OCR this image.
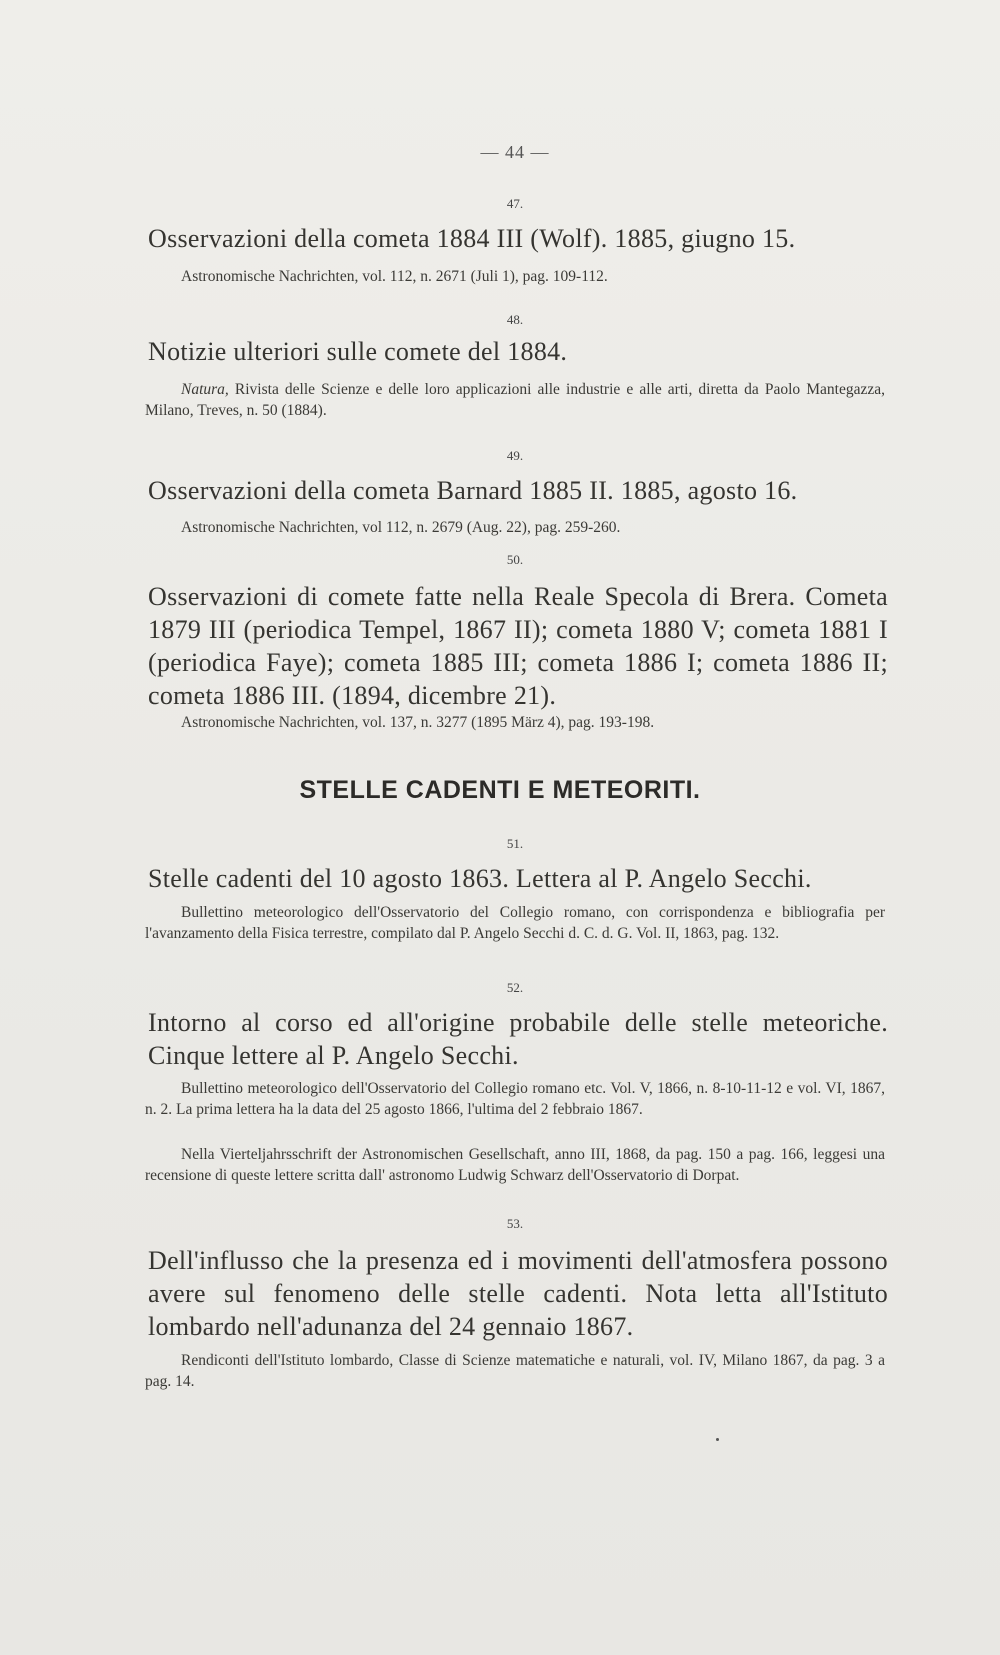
— 44 —
47.
Osservazioni della cometa 1884 III (Wolf). 1885, giugno 15.
Astronomische Nachrichten, vol. 112, n. 2671 (Juli 1), pag. 109-112.
48.
Notizie ulteriori sulle comete del 1884.
Natura, Rivista delle Scienze e delle loro applicazioni alle industrie e alle arti, diretta da Paolo Mantegazza, Milano, Treves, n. 50 (1884).
49.
Osservazioni della cometa Barnard 1885 II. 1885, agosto 16.
Astronomische Nachrichten, vol 112, n. 2679 (Aug. 22), pag. 259-260.
50.
Osservazioni di comete fatte nella Reale Specola di Brera. Cometa 1879 III (periodica Tempel, 1867 II); cometa 1880 V; cometa 1881 I (periodica Faye); cometa 1885 III; cometa 1886 I; cometa 1886 II; cometa 1886 III. (1894, dicembre 21).
Astronomische Nachrichten, vol. 137, n. 3277 (1895 März 4), pag. 193-198.
STELLE CADENTI E METEORITI.
51.
Stelle cadenti del 10 agosto 1863. Lettera al P. Angelo Secchi.
Bullettino meteorologico dell'Osservatorio del Collegio romano, con corrispondenza e bibliografia per l'avanzamento della Fisica terrestre, compilato dal P. Angelo Secchi d. C. d. G. Vol. II, 1863, pag. 132.
52.
Intorno al corso ed all'origine probabile delle stelle meteoriche. Cinque lettere al P. Angelo Secchi.
Bullettino meteorologico dell'Osservatorio del Collegio romano etc. Vol. V, 1866, n. 8-10-11-12 e vol. VI, 1867, n. 2. La prima lettera ha la data del 25 agosto 1866, l'ultima del 2 febbraio 1867.
Nella Vierteljahrsschrift der Astronomischen Gesellschaft, anno III, 1868, da pag. 150 a pag. 166, leggesi una recensione di queste lettere scritta dall' astronomo Ludwig Schwarz dell'Osservatorio di Dorpat.
53.
Dell'influsso che la presenza ed i movimenti dell'atmosfera possono avere sul fenomeno delle stelle cadenti. Nota letta all'Istituto lombardo nell'adunanza del 24 gennaio 1867.
Rendiconti dell'Istituto lombardo, Classe di Scienze matematiche e naturali, vol. IV, Milano 1867, da pag. 3 a pag. 14.
